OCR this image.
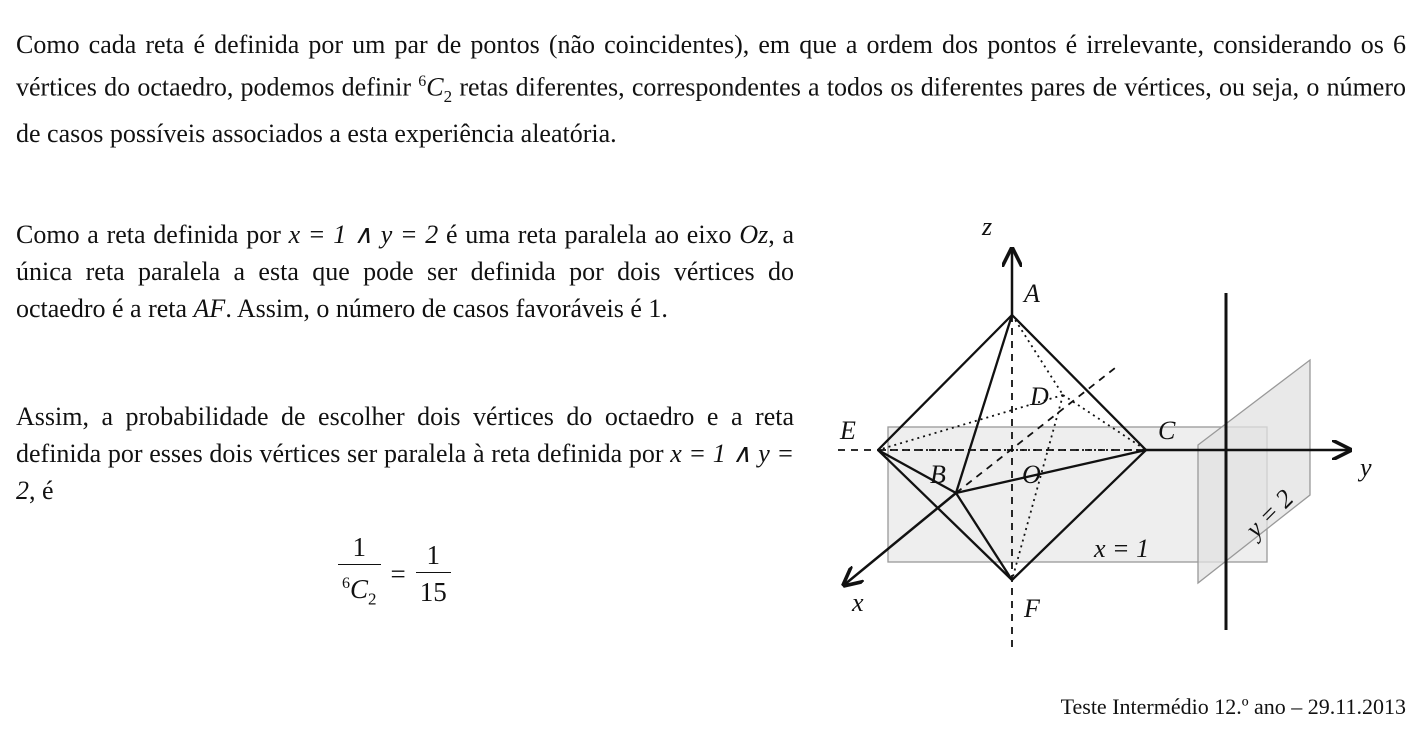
Como cada reta é definida por um par de pontos (não coincidentes), em que a ordem dos pontos é irrelevante, considerando os 6 vértices do octaedro, podemos definir $^6C_2$ retas diferentes, correspondentes a todos os diferentes pares de vértices, ou seja, o número de casos possíveis associados a esta experiência aleatória.

Como a reta definida por x = 1 ∧ y = 2 é uma reta paralela ao eixo Oz, a única reta paralela a esta que pode ser definida por dois vértices do octaedro é a reta AF. Assim, o número de casos favoráveis é 1.

Assim, a probabilidade de escolher dois vértices do octaedro e a reta definida por esses dois vértices ser paralela à reta definida por x = 1 ∧ y = 2, é

$\frac{1}{^6C_2} = \frac{1}{15}$
z
y
x
A
B
C
D
E
F
O
x = 1
y = 2
Teste Intermédio 12.º ano – 29.11.2013
